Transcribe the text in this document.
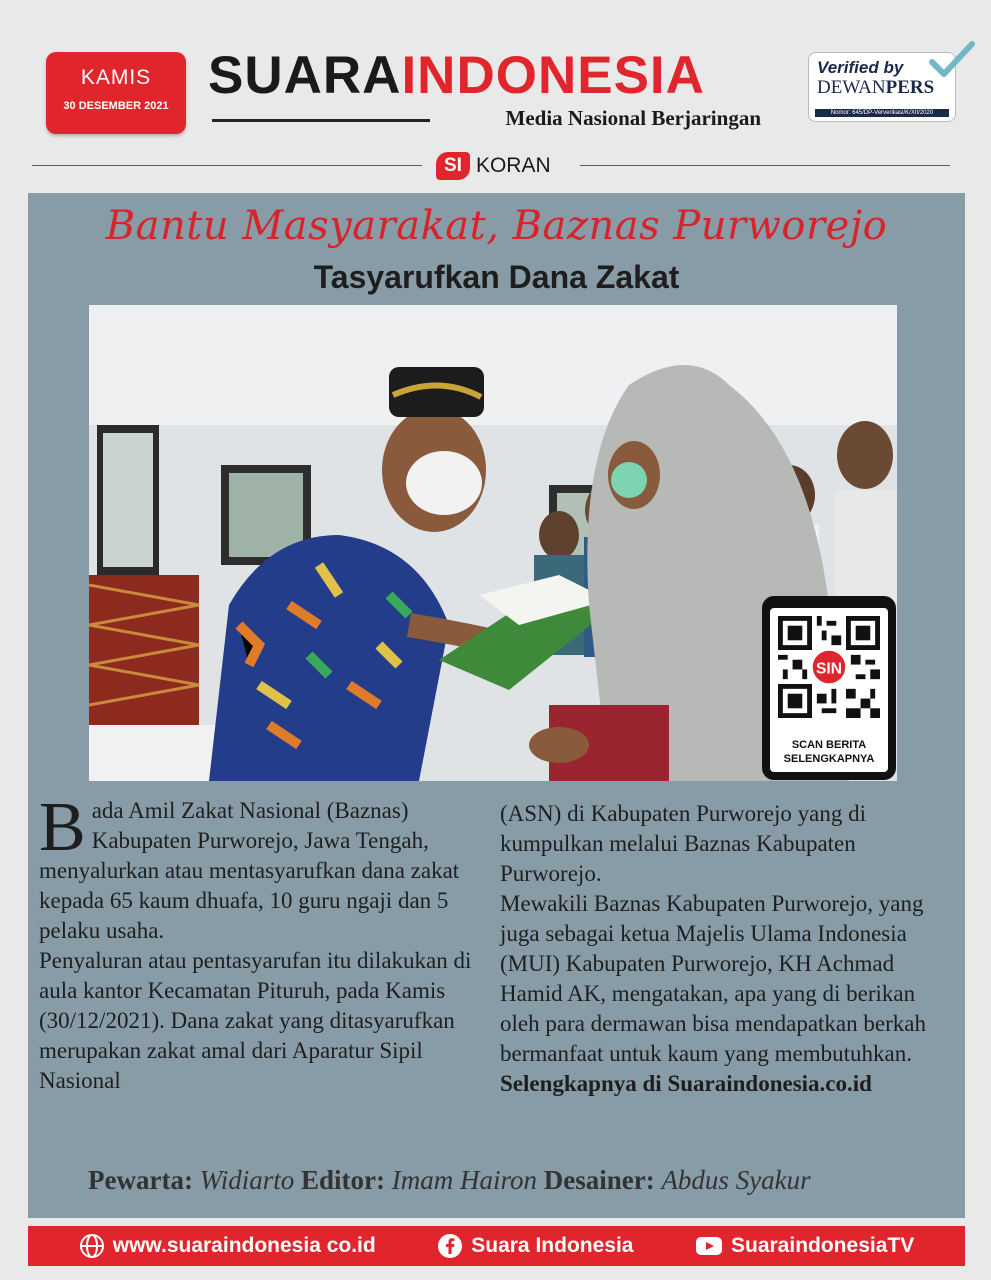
KAMIS
30 DESEMBER 2021
SUARAINDONESIA
Media Nasional Berjaringan
Verified by
DEWANPERS
Nomor: 645/DP-Ververikasi/K/XII/2020
SI KORAN
Bantu Masyarakat, Baznas Purworejo
Tasyarufkan Dana Zakat
SIN
SCAN BERITA
SELENGKAPNYA

Bada Amil Zakat Nasional (Baznas) Kabupaten Purworejo, Jawa Tengah, menyalurkan atau mentasyarufkan dana zakat kepada 65 kaum dhuafa, 10 guru ngaji dan 5 pelaku usaha.

Penyaluran atau pentasyarufan itu dilakukan di aula kantor Kecamatan Pituruh, pada Kamis (30/12/2021). Dana zakat yang ditasyarufkan merupakan zakat amal dari Aparatur Sipil Nasional

(ASN) di Kabupaten Purworejo yang di kumpulkan melalui Baznas Kabupaten Purworejo.

Mewakili Baznas Kabupaten Purworejo, yang juga sebagai ketua Majelis Ulama Indonesia (MUI) Kabupaten Purworejo, KH Achmad Hamid AK, mengatakan, apa yang di berikan oleh para dermawan bisa mendapatkan berkah bermanfaat untuk kaum yang membutuhkan.

Selengkapnya di Suaraindonesia.co.id

Pewarta: Widiarto Editor: Imam Hairon Desainer: Abdus Syakur
www.suaraindonesia co.id	Suara Indonesia	SuaraindonesiaTV
